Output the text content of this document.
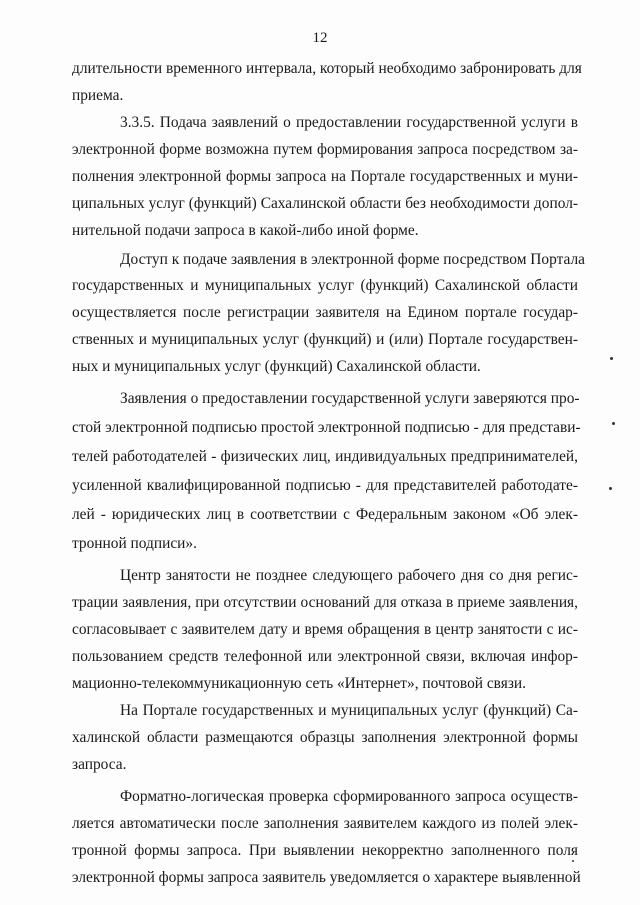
12
длительности временного интервала, который необходимо забронировать для
приема.
3.3.5. Подача заявлений о предоставлении государственной услуги в
электронной форме возможна путем формирования запроса посредством за-
полнения электронной формы запроса на Портале государственных и муни-
ципальных услуг (функций) Сахалинской области без необходимости допол-
нительной подачи запроса в какой-либо иной форме.
Доступ к подаче заявления в электронной форме посредством Портала
государственных и муниципальных услуг (функций) Сахалинской области
осуществляется после регистрации заявителя на Едином портале государ-
ственных и муниципальных услуг (функций) и (или) Портале государствен-
ных и муниципальных услуг (функций) Сахалинской области.
Заявления о предоставлении государственной услуги заверяются про-
стой электронной подписью простой электронной подписью - для представи-
телей работодателей - физических лиц, индивидуальных предпринимателей,
усиленной квалифицированной подписью - для представителей работодате-
лей - юридических лиц в соответствии с Федеральным законом «Об элек-
тронной подписи».
Центр занятости не позднее следующего рабочего дня со дня регис-
трации заявления, при отсутствии оснований для отказа в приеме заявления,
согласовывает с заявителем дату и время обращения в центр занятости с ис-
пользованием средств телефонной или электронной связи, включая инфор-
мационно-телекоммуникационную сеть «Интернет», почтовой связи.
На Портале государственных и муниципальных услуг (функций) Са-
халинской области размещаются образцы заполнения электронной формы
запроса.
Форматно-логическая проверка сформированного запроса осуществ-
ляется автоматически после заполнения заявителем каждого из полей элек-
тронной формы запроса. При выявлении некорректно заполненного поля
электронной формы запроса заявитель уведомляется о характере выявленной
